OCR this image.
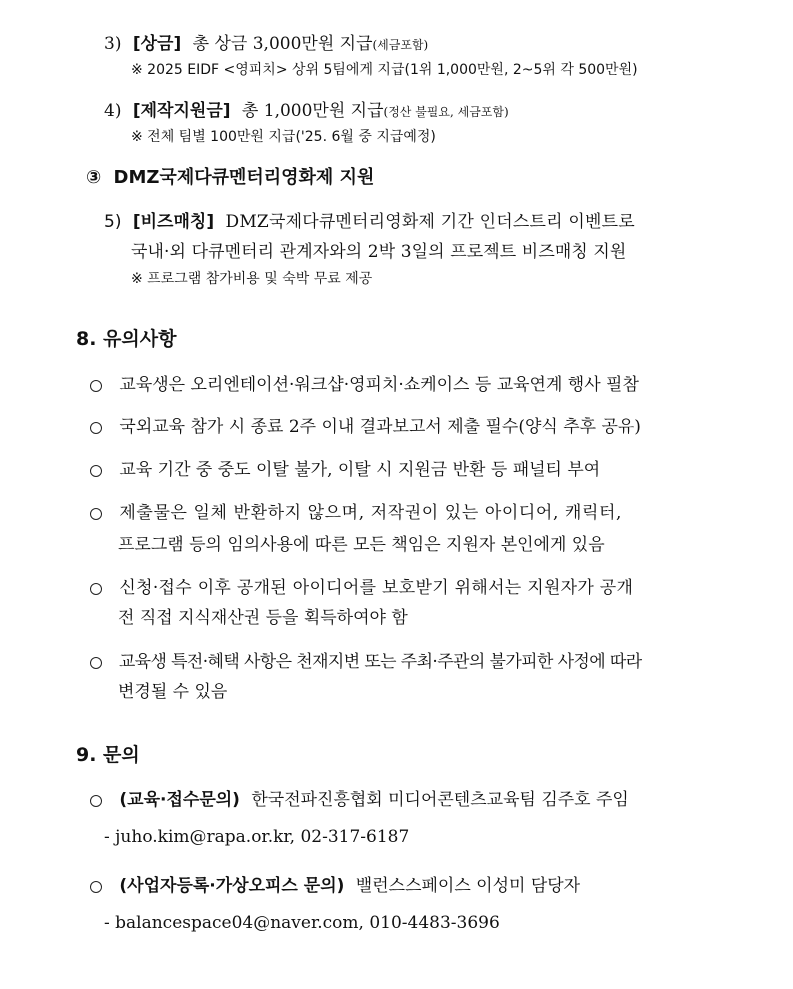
3) [상금] 총 상금 3,000만원 지급(세금포함)
※ 2025 EIDF <영피치> 상위 5팀에게 지급(1위 1,000만원, 2~5위 각 500만원)
4) [제작지원금] 총 1,000만원 지급(정산 불필요, 세금포함)
※ 전체 팀별 100만원 지급('25. 6월 중 지급예정)
③ DMZ국제다큐멘터리영화제 지원
5) [비즈매칭] DMZ국제다큐멘터리영화제 기간 인더스트리 이벤트로
국내·외 다큐멘터리 관계자와의 2박 3일의 프로젝트 비즈매칭 지원
※ 프로그램 참가비용 및 숙박 무료 제공
8. 유의사항
교육생은 오리엔테이션·워크샵·영피치·쇼케이스 등 교육연계 행사 필참
국외교육 참가 시 종료 2주 이내 결과보고서 제출 필수(양식 추후 공유)
교육 기간 중 중도 이탈 불가, 이탈 시 지원금 반환 등 패널티 부여
제출물은 일체 반환하지 않으며, 저작권이 있는 아이디어, 캐릭터,
프로그램 등의 임의사용에 따른 모든 책임은 지원자 본인에게 있음
신청·접수 이후 공개된 아이디어를 보호받기 위해서는 지원자가 공개
전 직접 지식재산권 등을 획득하여야 함
교육생 특전·혜택 사항은 천재지변 또는 주최·주관의 불가피한 사정에 따라
변경될 수 있음
9. 문의
(교육·접수문의) 한국전파진흥협회 미디어콘텐츠교육팀 김주호 주임
- juho.kim@rapa.or.kr, 02-317-6187
(사업자등록·가상오피스 문의) 밸런스스페이스 이성미 담당자
- balancespace04@naver.com, 010-4483-3696
